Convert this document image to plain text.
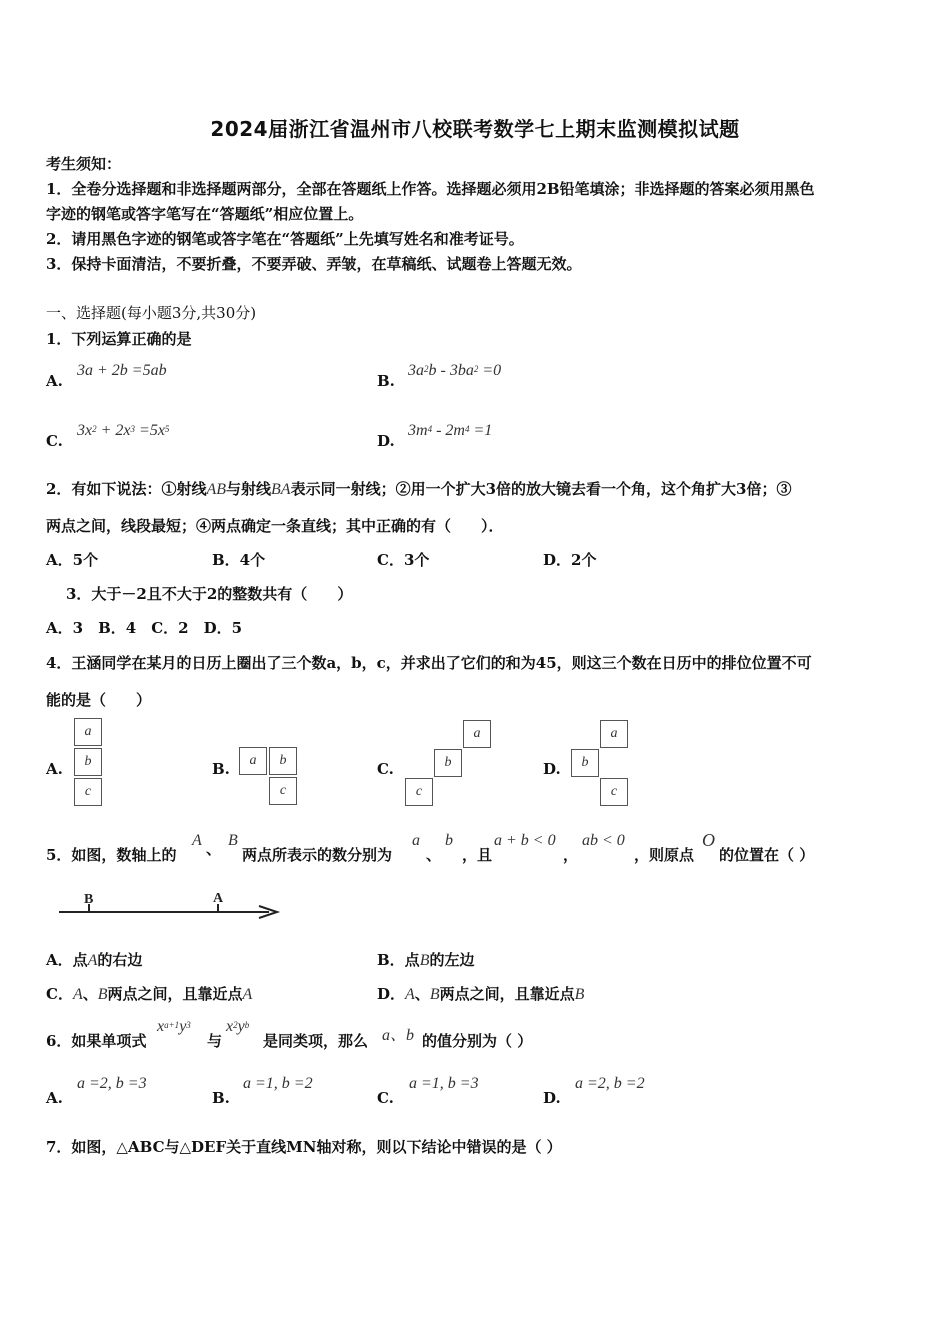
2024届浙江省温州市八校联考数学七上期末监测模拟试题
考生须知：
1．全卷分选择题和非选择题两部分，全部在答题纸上作答。选择题必须用2B铅笔填涂；非选择题的答案必须用黑色
字迹的钢笔或答字笔写在“答题纸”相应位置上。
2．请用黑色字迹的钢笔或答字笔在“答题纸”上先填写姓名和准考证号。
3．保持卡面清洁，不要折叠，不要弄破、弄皱，在草稿纸、试题卷上答题无效。
一、选择题(每小题3分,共30分)
1．下列运算正确的是
A.
3a + 2b =5ab
B.
$3a^2b - 3ba^2 =0$
C.
$3x^2 + 2x^3 =5x^5$
D.
$3m^4 - 2m^4 =1$
2．有如下说法：①射线AB与射线BA表示同一射线；②用一个扩大3倍的放大镜去看一个角，这个角扩大3倍；③
两点之间，线段最短；④两点确定一条直线；其中正确的有（　　）．
A．5个	B．4个	C．3个	D．2个
3．大于－2且不大于2的整数共有（　　）
A．3　B．4　C．2　D．5
4．王涵同学在某月的日历上圈出了三个数a，b，c，并求出了它们的和为45，则这三个数在日历中的排位位置不可
能的是（　　）
A.
a
b
c
B.	a	b
c
C.
a
b
c
D.
a
b
c
5．如图，数轴上的
A 、 B
两点所表示的数分别为
a
、
b
，且
a + b < 0
，
ab < 0
，则原点
O
的位置在（ ）
B	A
A．点A的右边	B．点B的左边
C．A、B两点之间，且靠近点A	D．A、B两点之间，且靠近点B
6．如果单项式
$x^{a+1}y^3$
与
$x^2y^b$
是同类项，那么 a、b 的值分别为（ ）
A.
a =2, b =3
B.
a =1, b =2
C.
a =1, b =3
D.
a =2, b =2
7．如图，△ABC与△DEF关于直线MN轴对称，则以下结论中错误的是（ ）
